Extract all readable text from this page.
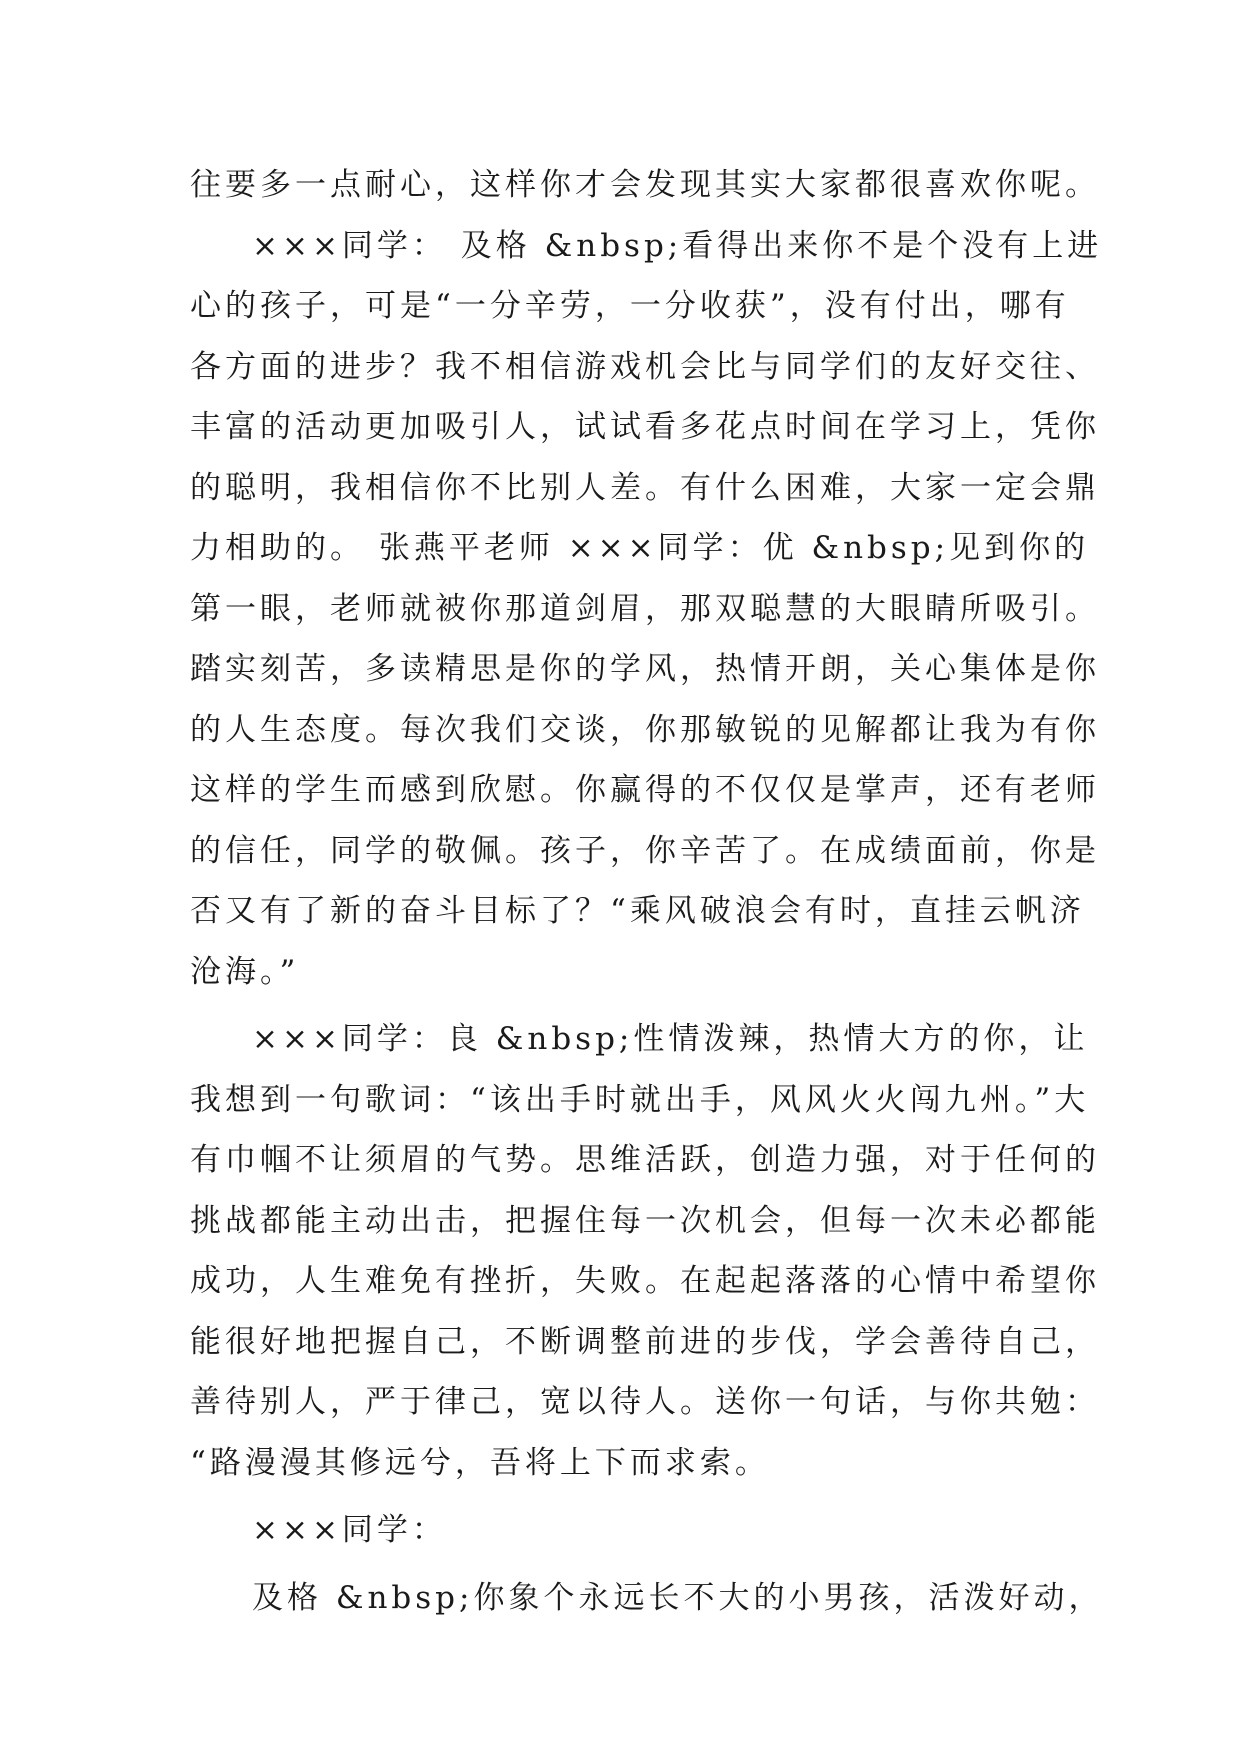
往要多一点耐心，这样你才会发现其实大家都很喜欢你呢。
×××同学： 及格 &nbsp;看得出来你不是个没有上进
心的孩子，可是“一分辛劳，一分收获”，没有付出，哪有
各方面的进步？我不相信游戏机会比与同学们的友好交往、
丰富的活动更加吸引人，试试看多花点时间在学习上，凭你
的聪明，我相信你不比别人差。有什么困难，大家一定会鼎
力相助的。 张燕平老师 ×××同学：优 &nbsp;见到你的
第一眼，老师就被你那道剑眉，那双聪慧的大眼睛所吸引。
踏实刻苦，多读精思是你的学风，热情开朗，关心集体是你
的人生态度。每次我们交谈，你那敏锐的见解都让我为有你
这样的学生而感到欣慰。你赢得的不仅仅是掌声，还有老师
的信任，同学的敬佩。孩子，你辛苦了。在成绩面前，你是
否又有了新的奋斗目标了？“乘风破浪会有时，直挂云帆济
沧海。”
×××同学：良 &nbsp;性情泼辣，热情大方的你，让
我想到一句歌词：“该出手时就出手，风风火火闯九州。”大
有巾帼不让须眉的气势。思维活跃，创造力强，对于任何的
挑战都能主动出击，把握住每一次机会，但每一次未必都能
成功，人生难免有挫折，失败。在起起落落的心情中希望你
能很好地把握自己，不断调整前进的步伐，学会善待自己，
善待别人，严于律己，宽以待人。送你一句话，与你共勉：
“路漫漫其修远兮，吾将上下而求索。
×××同学：
及格 &nbsp;你象个永远长不大的小男孩，活泼好动，
